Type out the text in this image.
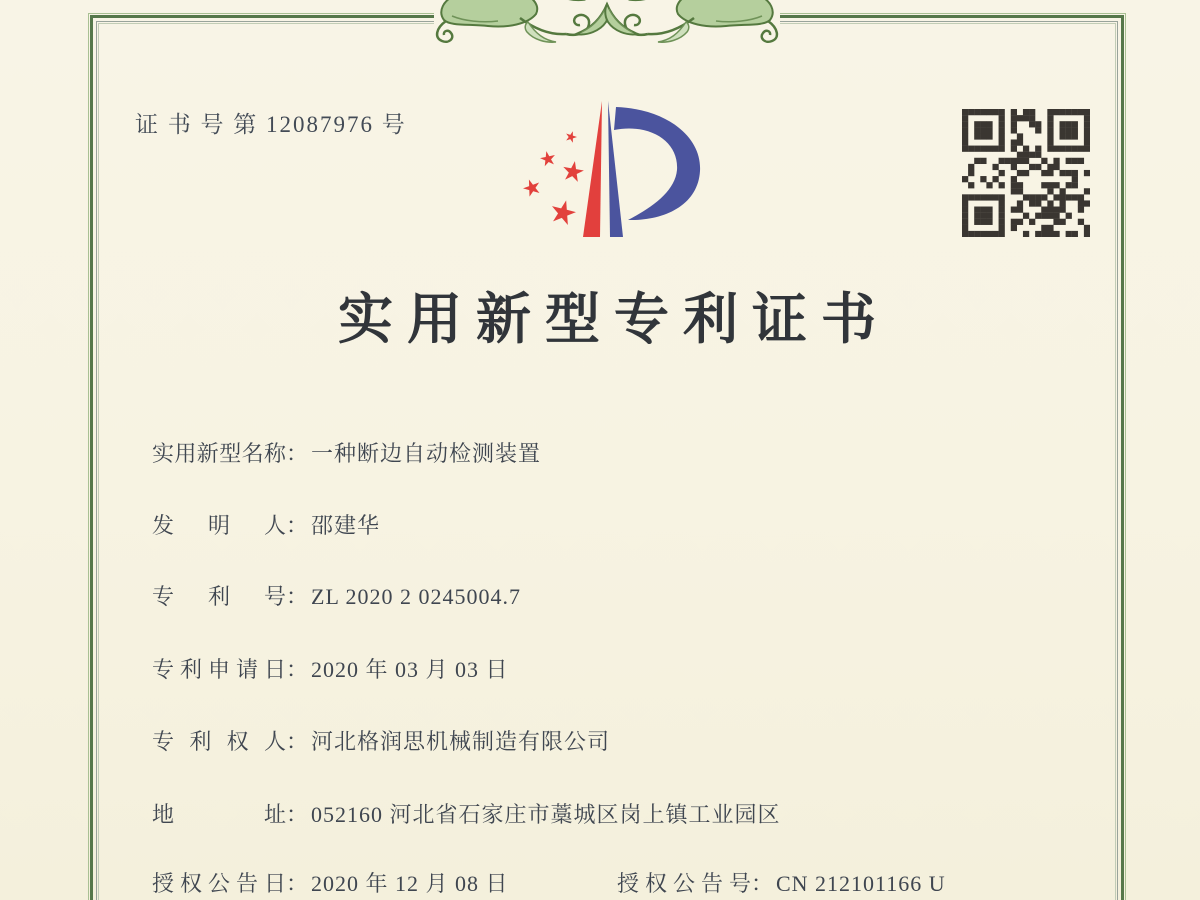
证 书 号 第 12087976 号
实用新型专利证书
实用新型名称： 一种断边自动检测装置
发明人： 邵建华
专利号： ZL 2020 2 0245004.7
专利申请日： 2020 年 03 月 03 日
专利权人： 河北格润思机械制造有限公司
地址： 052160 河北省石家庄市藁城区岗上镇工业园区
授权公告日： 2020 年 12 月 08 日	授权公告号： CN 212101166 U
